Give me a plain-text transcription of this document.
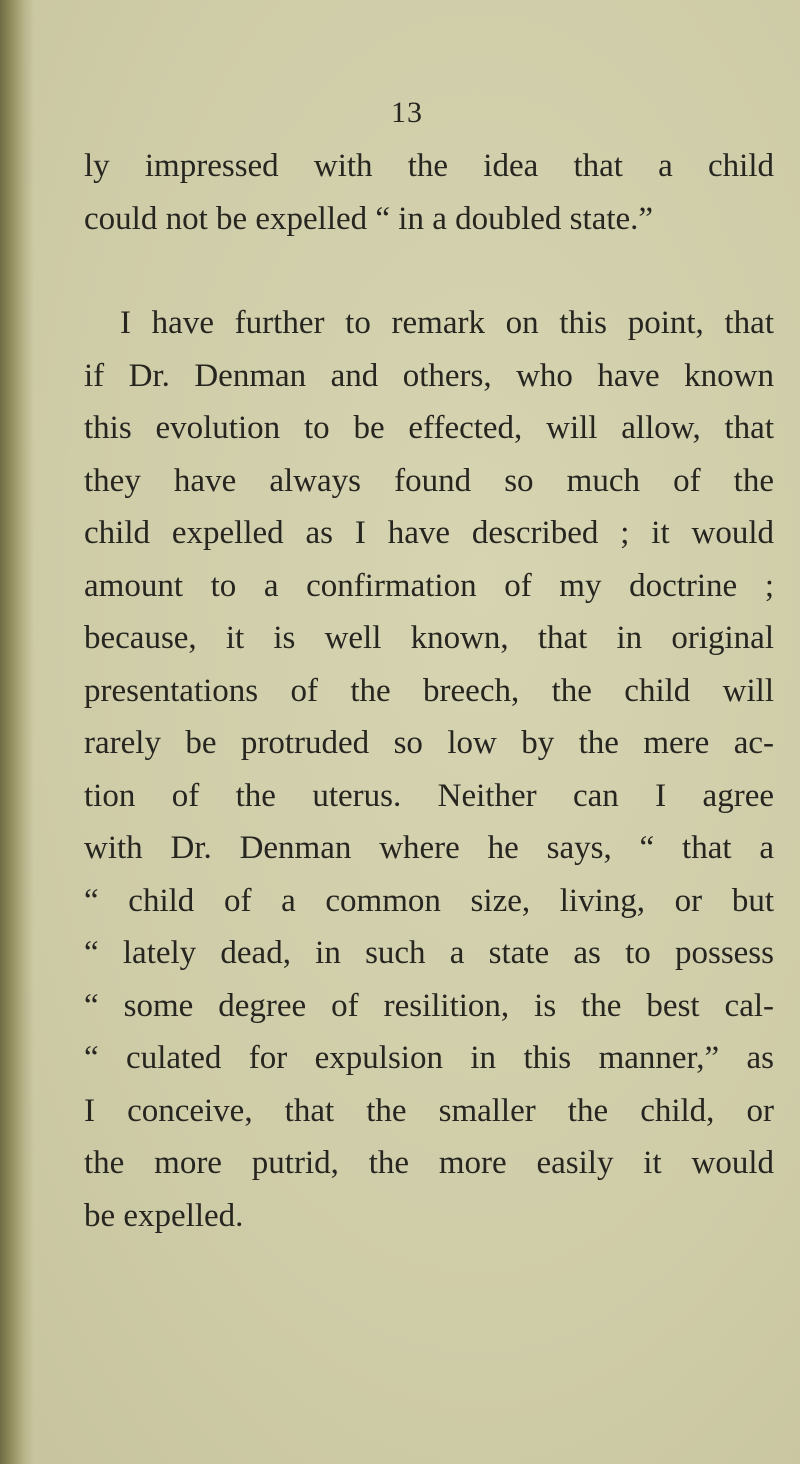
13
ly impressed with the idea that a child
could not be expelled “ in a doubled state.”
I have further to remark on this point, that
if Dr. Denman and others, who have known
this evolution to be effected, will allow, that
they have always found so much of the
child expelled as I have described ; it would
amount to a confirmation of my doctrine ;
because, it is well known, that in original
presentations of the breech, the child will
rarely be protruded so low by the mere ac-
tion of the uterus. Neither can I agree
with Dr. Denman where he says, “ that a
“ child of a common size, living, or but
“ lately dead, in such a state as to possess
“ some degree of resilition, is the best cal-
“ culated for expulsion in this manner,” as
I conceive, that the smaller the child, or
the more putrid, the more easily it would
be expelled.
